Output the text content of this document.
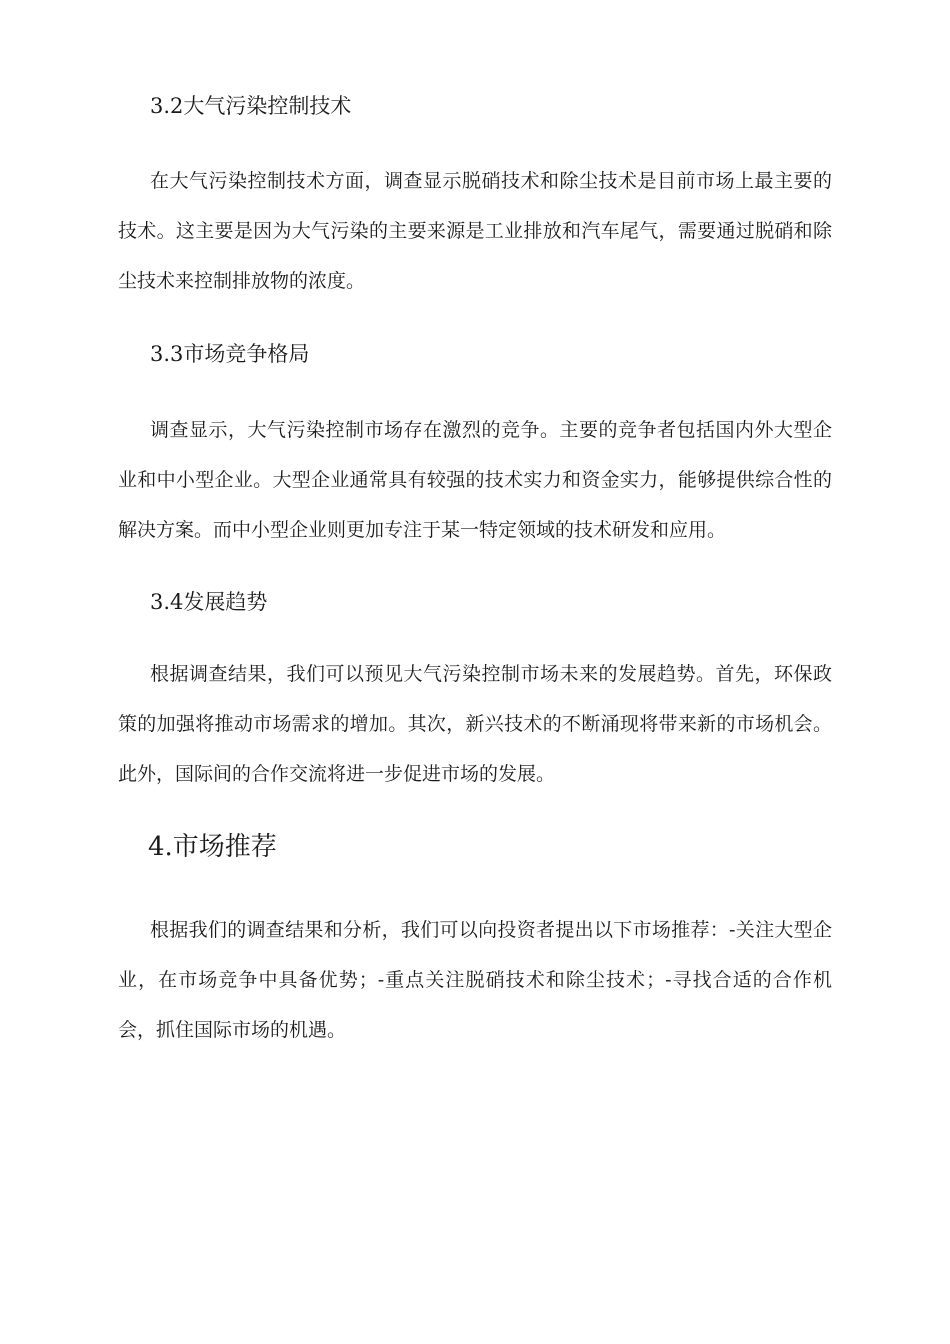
3.2大气污染控制技术

在大气污染控制技术方面，调查显示脱硝技术和除尘技术是目前市场上最主要的技术。这主要是因为大气污染的主要来源是工业排放和汽车尾气，需要通过脱硝和除尘技术来控制排放物的浓度。

3.3市场竞争格局

调查显示，大气污染控制市场存在激烈的竞争。主要的竞争者包括国内外大型企业和中小型企业。大型企业通常具有较强的技术实力和资金实力，能够提供综合性的解决方案。而中小型企业则更加专注于某一特定领域的技术研发和应用。

3.4发展趋势

根据调查结果，我们可以预见大气污染控制市场未来的发展趋势。首先，环保政策的加强将推动市场需求的增加。其次，新兴技术的不断涌现将带来新的市场机会。此外，国际间的合作交流将进一步促进市场的发展。

4.市场推荐

根据我们的调查结果和分析，我们可以向投资者提出以下市场推荐：-关注大型企业，在市场竞争中具备优势；-重点关注脱硝技术和除尘技术；-寻找合适的合作机会，抓住国际市场的机遇。
